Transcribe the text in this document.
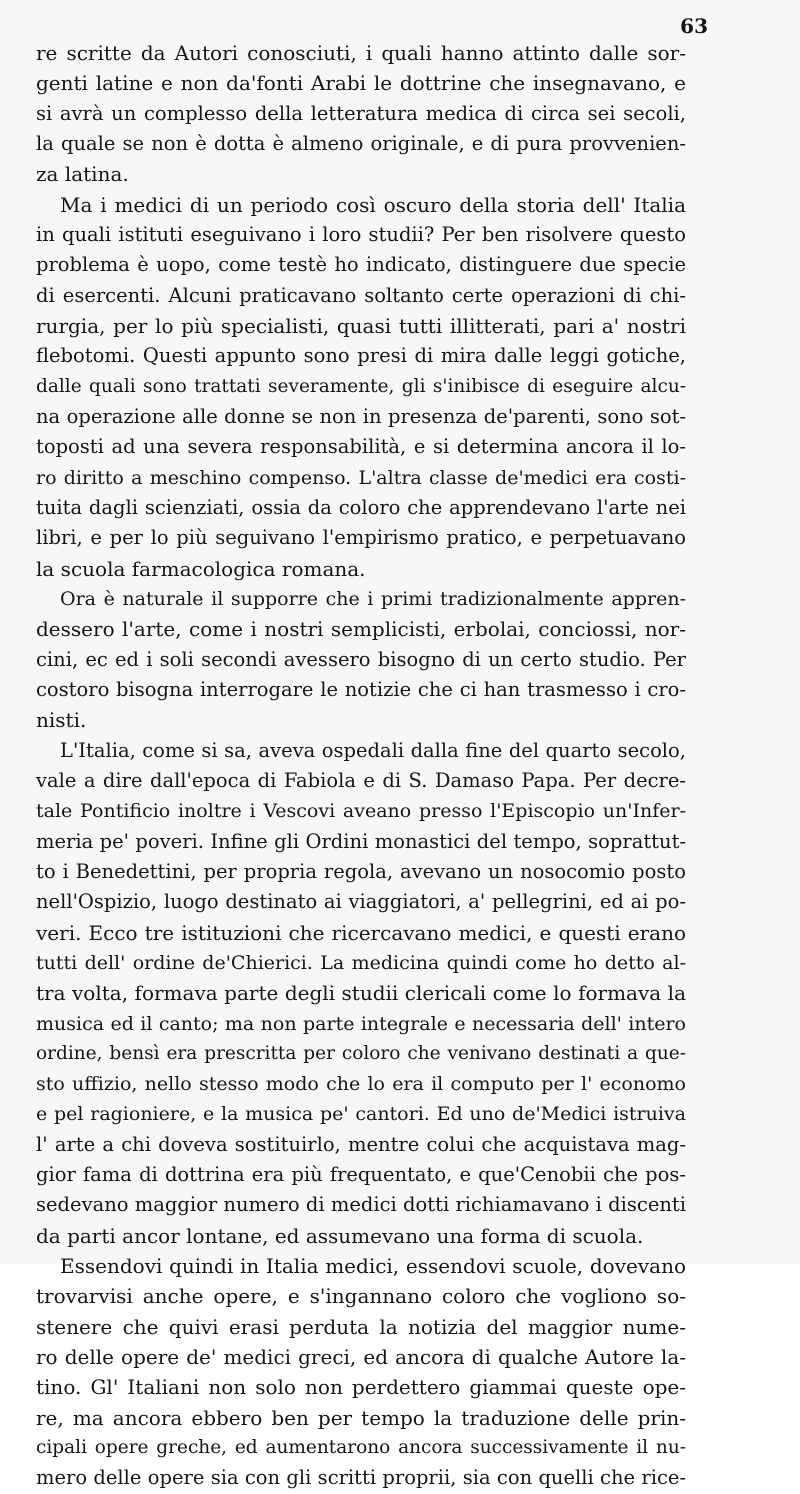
63
re scritte da Autori conosciuti, i quali hanno attinto dalle sor-
genti latine e non da'fonti Arabi le dottrine che insegnavano, e
si avrà un complesso della letteratura medica di circa sei secoli,
la quale se non è dotta è almeno originale, e di pura provvenien-
za latina.
Ma i medici di un periodo così oscuro della storia dell' Italia
in quali istituti eseguivano i loro studii? Per ben risolvere questo
problema è uopo, come testè ho indicato, distinguere due specie
di esercenti. Alcuni praticavano soltanto certe operazioni di chi-
rurgia, per lo più specialisti, quasi tutti illitterati, pari a' nostri
flebotomi. Questi appunto sono presi di mira dalle leggi gotiche,
dalle quali sono trattati severamente, gli s'inibisce di eseguire alcu-
na operazione alle donne se non in presenza de'parenti, sono sot-
toposti ad una severa responsabilità, e si determina ancora il lo-
ro diritto a meschino compenso. L'altra classe de'medici era costi-
tuita dagli scienziati, ossia da coloro che apprendevano l'arte nei
libri, e per lo più seguivano l'empirismo pratico, e perpetuavano
la scuola farmacologica romana.
Ora è naturale il supporre che i primi tradizionalmente appren-
dessero l'arte, come i nostri semplicisti, erbolai, conciossi, nor-
cini, ec ed i soli secondi avessero bisogno di un certo studio. Per
costoro bisogna interrogare le notizie che ci han trasmesso i cro-
nisti.
L'Italia, come si sa, aveva ospedali dalla fine del quarto secolo,
vale a dire dall'epoca di Fabiola e di S. Damaso Papa. Per decre-
tale Pontificio inoltre i Vescovi aveano presso l'Episcopio un'Infer-
meria pe' poveri. Infine gli Ordini monastici del tempo, soprattut-
to i Benedettini, per propria regola, avevano un nosocomio posto
nell'Ospizio, luogo destinato ai viaggiatori, a' pellegrini, ed ai po-
veri. Ecco tre istituzioni che ricercavano medici, e questi erano
tutti dell' ordine de'Chierici. La medicina quindi come ho detto al-
tra volta, formava parte degli studii clericali come lo formava la
musica ed il canto; ma non parte integrale e necessaria dell' intero
ordine, bensì era prescritta per coloro che venivano destinati a que-
sto uffizio, nello stesso modo che lo era il computo per l' economo
e pel ragioniere, e la musica pe' cantori. Ed uno de'Medici istruiva
l' arte a chi doveva sostituirlo, mentre colui che acquistava mag-
gior fama di dottrina era più frequentato, e que'Cenobii che pos-
sedevano maggior numero di medici dotti richiamavano i discenti
da parti ancor lontane, ed assumevano una forma di scuola.
Essendovi quindi in Italia medici, essendovi scuole, dovevano
trovarvisi anche opere, e s'ingannano coloro che vogliono so-
stenere che quivi erasi perduta la notizia del maggior nume-
ro delle opere de' medici greci, ed ancora di qualche Autore la-
tino. Gl' Italiani non solo non perdettero giammai queste ope-
re, ma ancora ebbero ben per tempo la traduzione delle prin-
cipali opere greche, ed aumentarono ancora successivamente il nu-
mero delle opere sia con gli scritti proprii, sia con quelli che rice-
